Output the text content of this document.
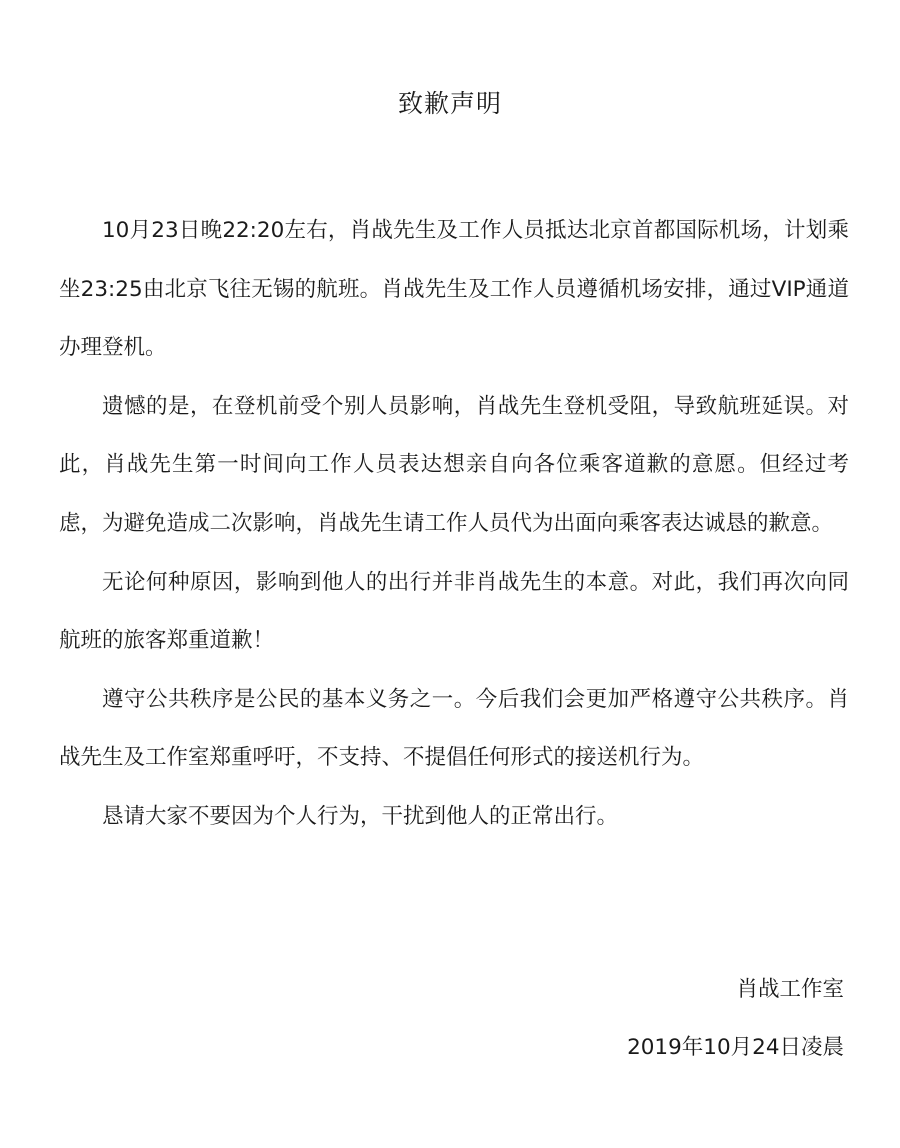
致歉声明

10月23日晚22:20左右，肖战先生及工作人员抵达北京首都国际机场，计划乘坐23:25由北京飞往无锡的航班。肖战先生及工作人员遵循机场安排，通过VIP通道办理登机。

遗憾的是，在登机前受个别人员影响，肖战先生登机受阻，导致航班延误。对此，肖战先生第一时间向工作人员表达想亲自向各位乘客道歉的意愿。但经过考虑，为避免造成二次影响，肖战先生请工作人员代为出面向乘客表达诚恳的歉意。

无论何种原因，影响到他人的出行并非肖战先生的本意。对此，我们再次向同航班的旅客郑重道歉！

遵守公共秩序是公民的基本义务之一。今后我们会更加严格遵守公共秩序。肖战先生及工作室郑重呼吁，不支持、不提倡任何形式的接送机行为。

恳请大家不要因为个人行为，干扰到他人的正常出行。

肖战工作室
2019年10月24日凌晨
